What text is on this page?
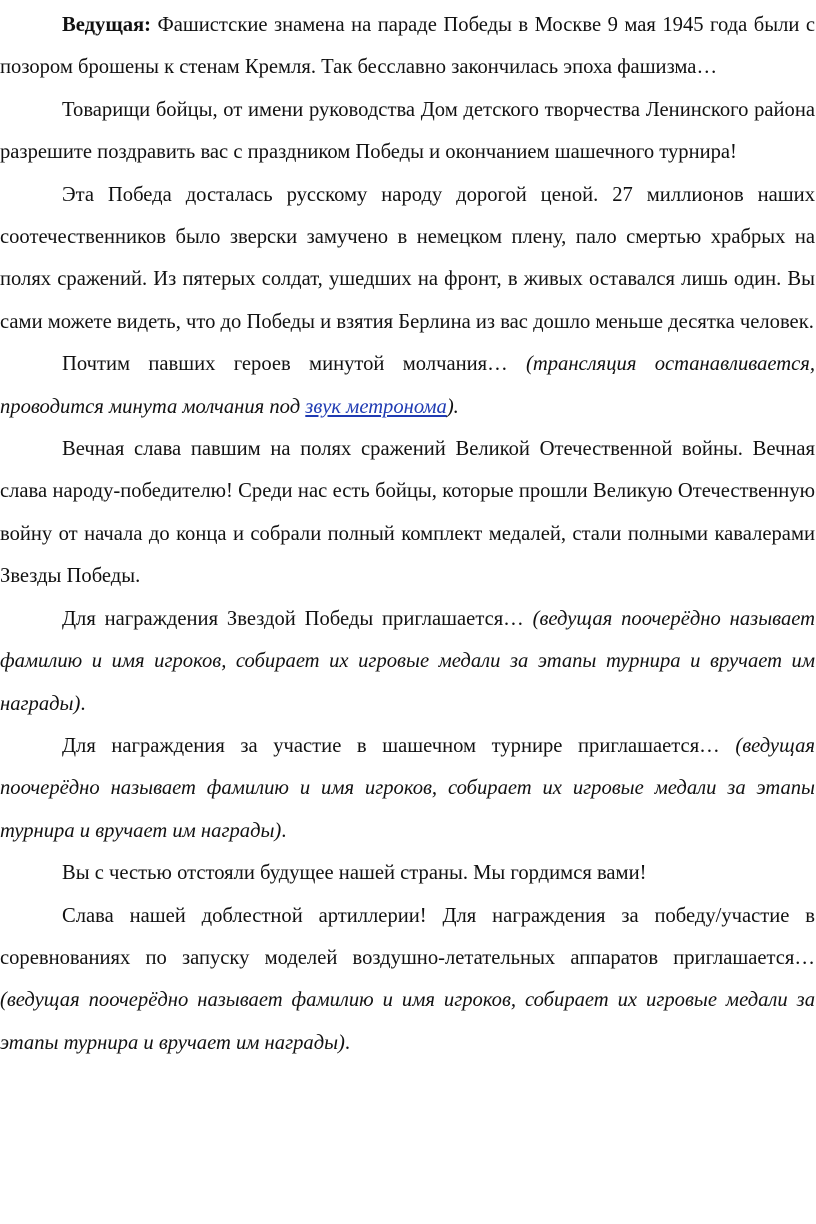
Ведущая: Фашистские знамена на параде Победы в Москве 9 мая 1945 года были с позором брошены к стенам Кремля. Так бесславно закончилась эпоха фашизма…

Товарищи бойцы, от имени руководства Дом детского творчества Ленинского района разрешите поздравить вас с праздником Победы и окончанием шашечного турнира!

Эта Победа досталась русскому народу дорогой ценой. 27 миллионов наших соотечественников было зверски замучено в немецком плену, пало смертью храбрых на полях сражений. Из пятерых солдат, ушедших на фронт, в живых оставался лишь один. Вы сами можете видеть, что до Победы и взятия Берлина из вас дошло меньше десятка человек.

Почтим павших героев минутой молчания… (трансляция останавливается, проводится минута молчания под звук метронома).

Вечная слава павшим на полях сражений Великой Отечественной войны. Вечная слава народу-победителю! Среди нас есть бойцы, которые прошли Великую Отечественную войну от начала до конца и собрали полный комплект медалей, стали полными кавалерами Звезды Победы.

Для награждения Звездой Победы приглашается… (ведущая поочерёдно называет фамилию и имя игроков, собирает их игровые медали за этапы турнира и вручает им награды).

Для награждения за участие в шашечном турнире приглашается… (ведущая поочерёдно называет фамилию и имя игроков, собирает их игровые медали за этапы турнира и вручает им награды).

Вы с честью отстояли будущее нашей страны. Мы гордимся вами!

Слава нашей доблестной артиллерии! Для награждения за победу/участие в соревнованиях по запуску моделей воздушно-летательных аппаратов приглашается… (ведущая поочерёдно называет фамилию и имя игроков, собирает их игровые медали за этапы турнира и вручает им награды).
